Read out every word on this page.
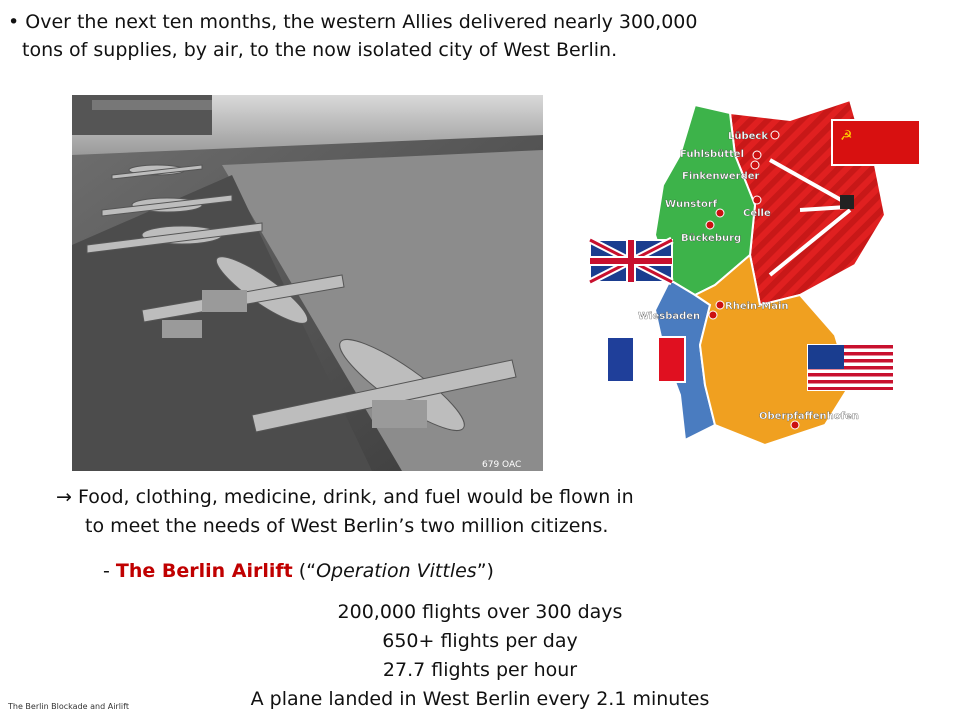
• Over the next ten months, the western Allies delivered nearly 300,000
tons of supplies, by air, to the now isolated city of West Berlin.
679 OAC
☭
Lübeck
Fuhlsbüttel
Finkenwerder
Wunstorf
Celle
Bückeburg
Rhein-Main
Wiesbaden
Oberpfaffenhofen
→ Food, clothing, medicine, drink, and fuel would be flown in
to meet the needs of West Berlin’s two million citizens.
- The Berlin Airlift (“Operation Vittles”)
200,000 flights over 300 days
650+ flights per day
27.7 flights per hour
A plane landed in West Berlin every 2.1 minutes
The Berlin Blockade and Airlift
